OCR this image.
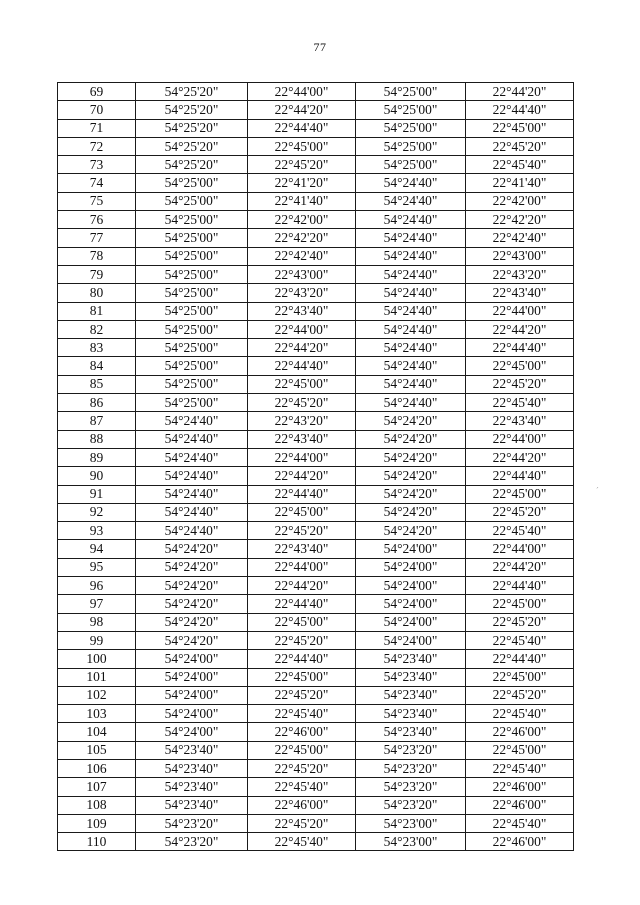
77
69	54°25'20"	22°44'00"	54°25'00"	22°44'20"
70	54°25'20"	22°44'20"	54°25'00"	22°44'40"
71	54°25'20"	22°44'40"	54°25'00"	22°45'00"
72	54°25'20"	22°45'00"	54°25'00"	22°45'20"
73	54°25'20"	22°45'20"	54°25'00"	22°45'40"
74	54°25'00"	22°41'20"	54°24'40"	22°41'40"
75	54°25'00"	22°41'40"	54°24'40"	22°42'00"
76	54°25'00"	22°42'00"	54°24'40"	22°42'20"
77	54°25'00"	22°42'20"	54°24'40"	22°42'40"
78	54°25'00"	22°42'40"	54°24'40"	22°43'00"
79	54°25'00"	22°43'00"	54°24'40"	22°43'20"
80	54°25'00"	22°43'20"	54°24'40"	22°43'40"
81	54°25'00"	22°43'40"	54°24'40"	22°44'00"
82	54°25'00"	22°44'00"	54°24'40"	22°44'20"
83	54°25'00"	22°44'20"	54°24'40"	22°44'40"
84	54°25'00"	22°44'40"	54°24'40"	22°45'00"
85	54°25'00"	22°45'00"	54°24'40"	22°45'20"
86	54°25'00"	22°45'20"	54°24'40"	22°45'40"
87	54°24'40"	22°43'20"	54°24'20"	22°43'40"
88	54°24'40"	22°43'40"	54°24'20"	22°44'00"
89	54°24'40"	22°44'00"	54°24'20"	22°44'20"
90	54°24'40"	22°44'20"	54°24'20"	22°44'40"
91	54°24'40"	22°44'40"	54°24'20"	22°45'00"
92	54°24'40"	22°45'00"	54°24'20"	22°45'20"
93	54°24'40"	22°45'20"	54°24'20"	22°45'40"
94	54°24'20"	22°43'40"	54°24'00"	22°44'00"
95	54°24'20"	22°44'00"	54°24'00"	22°44'20"
96	54°24'20"	22°44'20"	54°24'00"	22°44'40"
97	54°24'20"	22°44'40"	54°24'00"	22°45'00"
98	54°24'20"	22°45'00"	54°24'00"	22°45'20"
99	54°24'20"	22°45'20"	54°24'00"	22°45'40"
100	54°24'00"	22°44'40"	54°23'40"	22°44'40"
101	54°24'00"	22°45'00"	54°23'40"	22°45'00"
102	54°24'00"	22°45'20"	54°23'40"	22°45'20"
103	54°24'00"	22°45'40"	54°23'40"	22°45'40"
104	54°24'00"	22°46'00"	54°23'40"	22°46'00"
105	54°23'40"	22°45'00"	54°23'20"	22°45'00"
106	54°23'40"	22°45'20"	54°23'20"	22°45'40"
107	54°23'40"	22°45'40"	54°23'20"	22°46'00"
108	54°23'40"	22°46'00"	54°23'20"	22°46'00"
109	54°23'20"	22°45'20"	54°23'00"	22°45'40"
110	54°23'20"	22°45'40"	54°23'00"	22°46'00"
´
